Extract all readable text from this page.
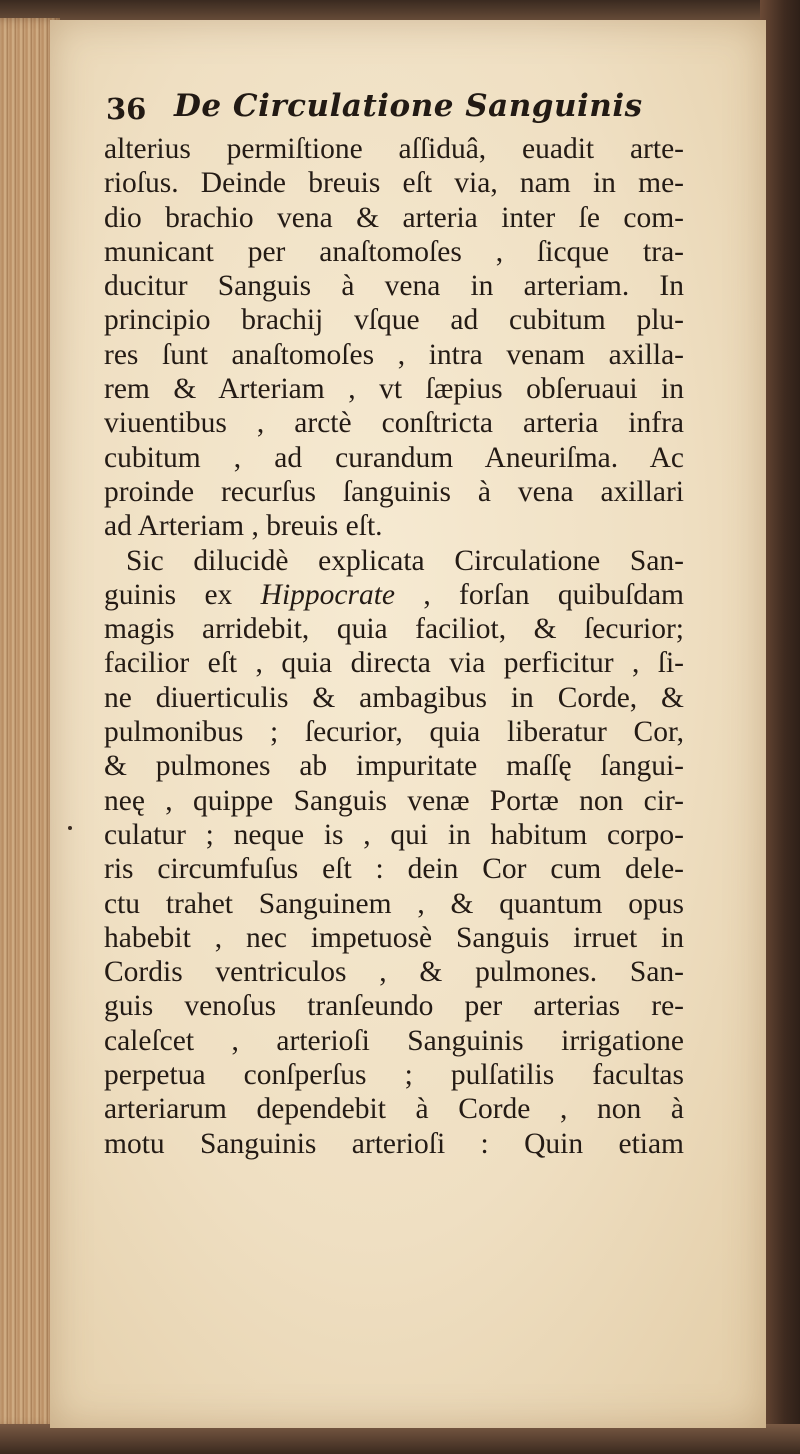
36 De Circulatione Sanguinis
alterius permiſtione aſſiduâ, euadit arte-
rioſus. Deinde breuis eſt via, nam in me-
dio brachio vena & arteria inter ſe com-
municant per anaſtomoſes , ſicque tra-
ducitur Sanguis à vena in arteriam. In
principio brachij vſque ad cubitum plu-
res ſunt anaſtomoſes , intra venam axilla-
rem & Arteriam , vt ſæpius obſeruaui in
viuentibus , arctè conſtricta arteria infra
cubitum , ad curandum Aneuriſma. Ac
proinde recurſus ſanguinis à vena axillari
ad Arteriam , breuis eſt.
Sic dilucidè explicata Circulatione San-
guinis ex Hippocrate , forſan quibuſdam
magis arridebit, quia faciliot, & ſecurior;
facilior eſt , quia directa via perficitur , ſi-
ne diuerticulis & ambagibus in Corde, &
pulmonibus ; ſecurior, quia liberatur Cor,
& pulmones ab impuritate maſſę ſangui-
neę , quippe Sanguis venæ Portæ non cir-
culatur ; neque is , qui in habitum corpo-
ris circumfuſus eſt : dein Cor cum dele-
ctu trahet Sanguinem , & quantum opus
habebit , nec impetuosè Sanguis irruet in
Cordis ventriculos , & pulmones. San-
guis venoſus tranſeundo per arterias re-
caleſcet , arterioſi Sanguinis irrigatione
perpetua conſperſus ; pulſatilis facultas
arteriarum dependebit à Corde , non à
motu Sanguinis arterioſi : Quin etiam
